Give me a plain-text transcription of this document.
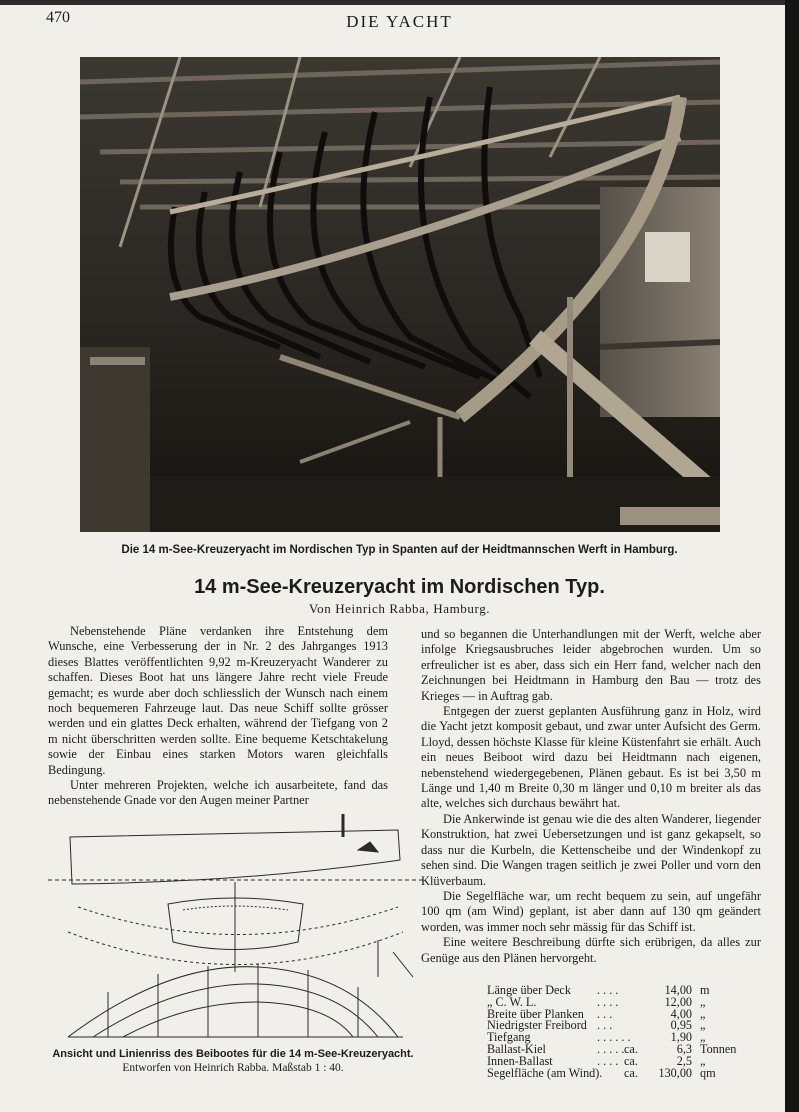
470	DIE YACHT
Die 14 m-See-Kreuzeryacht im Nordischen Typ in Spanten auf der Heidtmannschen Werft in Hamburg.
14 m-See-Kreuzeryacht im Nordischen Typ.
Von Heinrich Rabba, Hamburg.

Nebenstehende Pläne verdanken ihre Entstehung dem Wunsche, eine Verbesserung der in Nr. 2 des Jahrganges 1913 dieses Blattes veröffentlichten 9,92 m-Kreuzeryacht Wanderer zu schaffen. Dieses Boot hat uns längere Jahre recht viele Freude gemacht; es wurde aber doch schliesslich der Wunsch nach einem noch bequemeren Fahrzeuge laut. Das neue Schiff sollte grösser werden und ein glattes Deck erhalten, während der Tiefgang von 2 m nicht überschritten werden sollte. Eine bequeme Ketschtakelung sowie der Einbau eines starken Motors waren gleichfalls Bedingung.

Unter mehreren Projekten, welche ich ausarbeitete, fand das nebenstehende Gnade vor den Augen meiner Partner

und so begannen die Unterhandlungen mit der Werft, welche aber infolge Kriegsausbruches leider abgebrochen wurden. Um so erfreulicher ist es aber, dass sich ein Herr fand, welcher nach den Zeichnungen bei Heidtmann in Hamburg den Bau — trotz des Krieges — in Auftrag gab.

Entgegen der zuerst geplanten Ausführung ganz in Holz, wird die Yacht jetzt komposit gebaut, und zwar unter Aufsicht des Germ. Lloyd, dessen höchste Klasse für kleine Küstenfahrt sie erhält. Auch ein neues Beiboot wird dazu bei Heidtmann nach eigenen, nebenstehend wiedergegebenen, Plänen gebaut. Es ist bei 3,50 m Länge und 1,40 m Breite 0,30 m länger und 0,10 m breiter als das alte, welches sich durchaus bewährt hat.

Die Ankerwinde ist genau wie die des alten Wanderer, liegender Konstruktion, hat zwei Uebersetzungen und ist ganz gekapselt, so dass nur die Kurbeln, die Kettenscheibe und der Windenkopf zu sehen sind. Die Wangen tragen seitlich je zwei Poller und vorn den Klüverbaum.

Die Segelfläche war, um recht bequem zu sein, auf ungefähr 100 qm (am Wind) geplant, ist aber dann auf 130 qm geändert worden, was immer noch sehr mässig für das Schiff ist.

Eine weitere Beschreibung dürfte sich erübrigen, da alles zur Genüge aus den Plänen hervorgeht.

Ansicht und Linienriss des Beibootes für die 14 m-See-Kreuzeryacht.
Entworfen von Heinrich Rabba. Maßstab 1 : 40.
Länge über Deck . . . .	14,00 m
„ C. W. L.	. . . .	12,00 „
Breite über Planken . . .	4,00 „
Niedrigster Freibord . . .	0,95 „
Tiefgang	. . . . . .	1,90 „
Ballast-Kiel	. . . . . ca.	6,3 Tonnen
Innen-Ballast	. . . . ca.	2,5 „
Segelfläche (am Wind). ca.	130,00 qm
